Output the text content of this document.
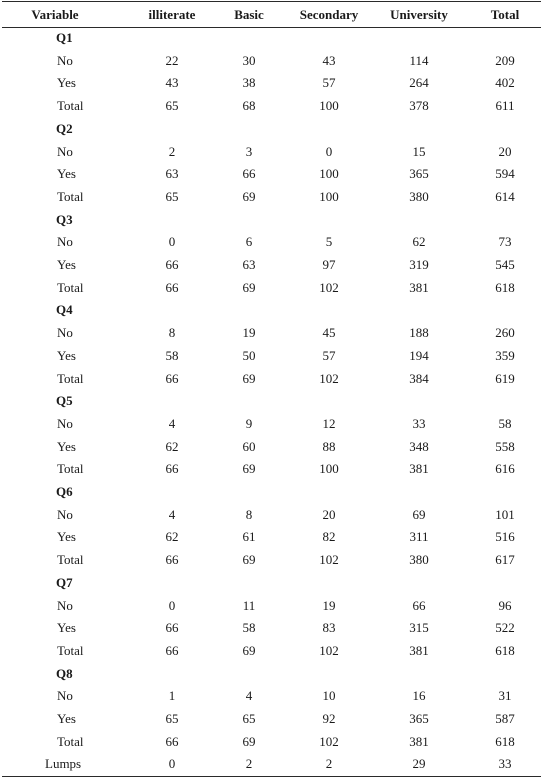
Variable	illiterate	Basic	Secondary	University	Total
Q1
No	22	30	43	114	209
Yes	43	38	57	264	402
Total	65	68	100	378	611
Q2
No	2	3	0	15	20
Yes	63	66	100	365	594
Total	65	69	100	380	614
Q3
No	0	6	5	62	73
Yes	66	63	97	319	545
Total	66	69	102	381	618
Q4
No	8	19	45	188	260
Yes	58	50	57	194	359
Total	66	69	102	384	619
Q5
No	4	9	12	33	58
Yes	62	60	88	348	558
Total	66	69	100	381	616
Q6
No	4	8	20	69	101
Yes	62	61	82	311	516
Total	66	69	102	380	617
Q7
No	0	11	19	66	96
Yes	66	58	83	315	522
Total	66	69	102	381	618
Q8
No	1	4	10	16	31
Yes	65	65	92	365	587
Total	66	69	102	381	618
Lumps	0	2	2	29	33
